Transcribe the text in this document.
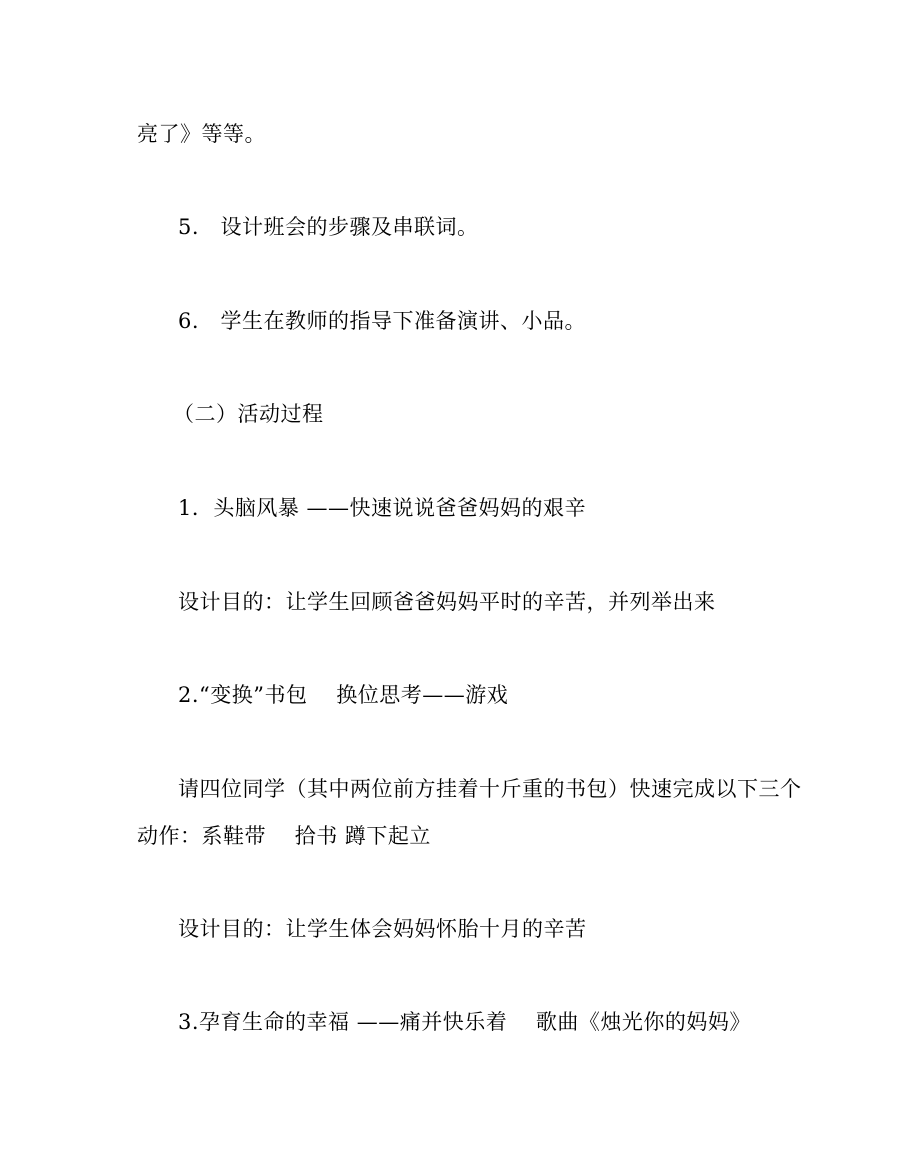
亮了》等等。
5.   设计班会的步骤及串联词。
6.   学生在教师的指导下准备演讲、小品。
（二）活动过程
1．头脑风暴 ——快速说说爸爸妈妈的艰辛
设计目的：让学生回顾爸爸妈妈平时的辛苦，并列举出来
2.“变换”书包    换位思考——游戏
请四位同学（其中两位前方挂着十斤重的书包）快速完成以下三个
动作：系鞋带    拾书 蹲下起立
设计目的：让学生体会妈妈怀胎十月的辛苦
3.孕育生命的幸福 ——痛并快乐着    歌曲《烛光你的妈妈》
